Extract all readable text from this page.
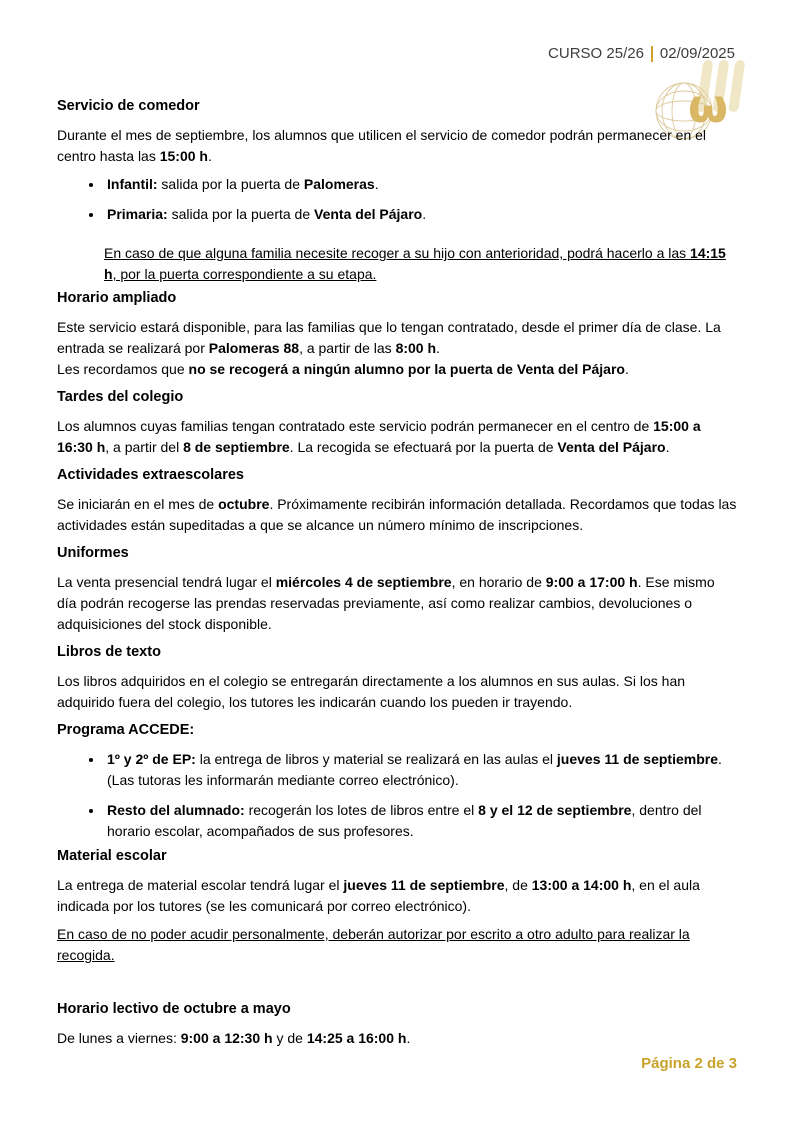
CURSO 25/26 02/09/2025
ω
Servicio de comedor

Durante el mes de septiembre, los alumnos que utilicen el servicio de comedor podrán permanecer en el centro hasta las 15:00 h.

• Infantil: salida por la puerta de Palomeras.
• Primaria: salida por la puerta de Venta del Pájaro.

En caso de que alguna familia necesite recoger a su hijo con anterioridad, podrá hacerlo a las 14:15 h, por la puerta correspondiente a su etapa.

Horario ampliado

Este servicio estará disponible, para las familias que lo tengan contratado, desde el primer día de clase. La entrada se realizará por Palomeras 88, a partir de las 8:00 h.

Les recordamos que no se recogerá a ningún alumno por la puerta de Venta del Pájaro.

Tardes del colegio

Los alumnos cuyas familias tengan contratado este servicio podrán permanecer en el centro de 15:00 a 16:30 h, a partir del 8 de septiembre. La recogida se efectuará por la puerta de Venta del Pájaro.

Actividades extraescolares

Se iniciarán en el mes de octubre. Próximamente recibirán información detallada. Recordamos que todas las actividades están supeditadas a que se alcance un número mínimo de inscripciones.

Uniformes

La venta presencial tendrá lugar el miércoles 4 de septiembre, en horario de 9:00 a 17:00 h. Ese mismo día podrán recogerse las prendas reservadas previamente, así como realizar cambios, devoluciones o adquisiciones del stock disponible.

Libros de texto

Los libros adquiridos en el colegio se entregarán directamente a los alumnos en sus aulas. Si los han adquirido fuera del colegio, los tutores les indicarán cuando los pueden ir trayendo.

Programa ACCEDE:
• 1º y 2º de EP: la entrega de libros y material se realizará en las aulas el jueves 11 de septiembre. (Las tutoras les informarán mediante correo electrónico).
• Resto del alumnado: recogerán los lotes de libros entre el 8 y el 12 de septiembre, dentro del horario escolar, acompañados de sus profesores.
Material escolar

La entrega de material escolar tendrá lugar el jueves 11 de septiembre, de 13:00 a 14:00 h, en el aula indicada por los tutores (se les comunicará por correo electrónico).

En caso de no poder acudir personalmente, deberán autorizar por escrito a otro adulto para realizar la recogida.

Horario lectivo de octubre a mayo

De lunes a viernes: 9:00 a 12:30 h y de 14:25 a 16:00 h.

Página 2 de 3
